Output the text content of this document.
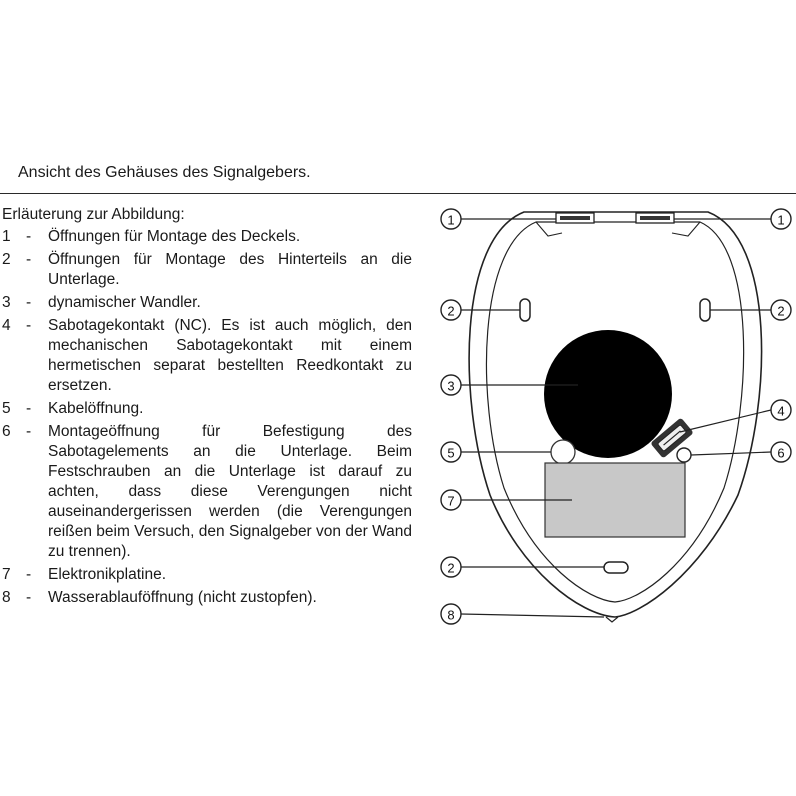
Ansicht des Gehäuses des Signalgebers.
Erläuterung zur Abbildung:
1 -	Öffnungen für Montage des Deckels.
2 -	Öffnungen für Montage des Hinterteils an die Unterlage.
3 -	dynamischer Wandler.
4 -	Sabotagekontakt (NC). Es ist auch möglich, den mechanischen Sabotagekontakt mit einem hermetischen separat bestellten Reedkontakt zu ersetzen.
5 -	Kabelöffnung.
6 -	Montageöffnung für Befestigung des Sabotagelements an die Unterlage. Beim Festschrauben an die Unterlage ist darauf zu achten, dass diese Verengungen nicht auseinandergerissen werden (die Verengungen reißen beim Versuch, den Signalgeber von der Wand zu trennen).
7 -	Elektronikplatine.
8 -	Wasserablauföffnung (nicht zustopfen).
1	1
2	2
3
4
5	6
7
2
8
